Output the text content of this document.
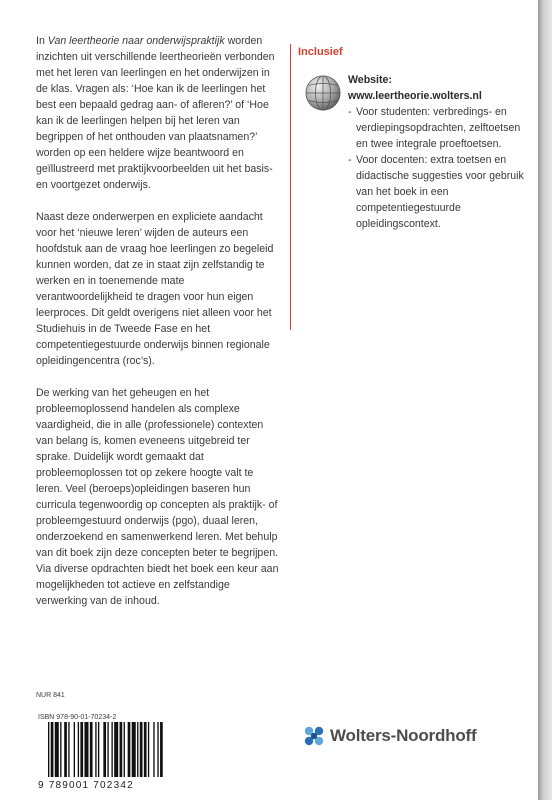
In Van leertheorie naar onderwijspraktijk worden inzichten uit verschillende leertheorieën verbonden met het leren van leerlingen en het onderwijzen in de klas. Vragen als: ‘Hoe kan ik de leerlingen het best een bepaald gedrag aan- of afleren?’ of ‘Hoe kan ik de leerlingen helpen bij het leren van begrippen of het onthouden van plaatsnamen?’ worden op een heldere wijze beantwoord en geïllustreerd met praktijkvoorbeelden uit het basis- en voortgezet onderwijs.

Naast deze onderwerpen en expliciete aandacht voor het ‘nieuwe leren’ wijden de auteurs een hoofdstuk aan de vraag hoe leerlingen zo begeleid kunnen worden, dat ze in staat zijn zelfstandig te werken en in toenemende mate verantwoordelijkheid te dragen voor hun eigen leerproces. Dit geldt overigens niet alleen voor het Studiehuis in de Tweede Fase en het competentiegestuurde onderwijs binnen regionale opleidingencentra (roc’s).

De werking van het geheugen en het probleemoplossend handelen als complexe vaardigheid, die in alle (professionele) contexten van belang is, komen eveneens uitgebreid ter sprake. Duidelijk wordt gemaakt dat probleemoplossen tot op zekere hoogte valt te leren. Veel (beroeps)opleidingen baseren hun curricula tegenwoordig op concepten als praktijk- of probleemgestuurd onderwijs (pgo), duaal leren, onderzoekend en samenwerkend leren. Met behulp van dit boek zijn deze concepten beter te begrijpen. Via diverse opdrachten biedt het boek een keur aan mogelijkheden tot actieve en zelfstandige verwerking van de inhoud.

Inclusief
Website:
www.leertheorie.wolters.nl
- Voor studenten: verbredings- en verdiepingsopdrachten, zelftoetsen en twee integrale proeftoetsen.
- Voor docenten: extra toetsen en didactische suggesties voor gebruik van het boek in een competentiegestuurde opleidingscontext.
NUR 841
ISBN 978-90-01-70234-2
9 789001 702342
Wolters-Noordhoff
